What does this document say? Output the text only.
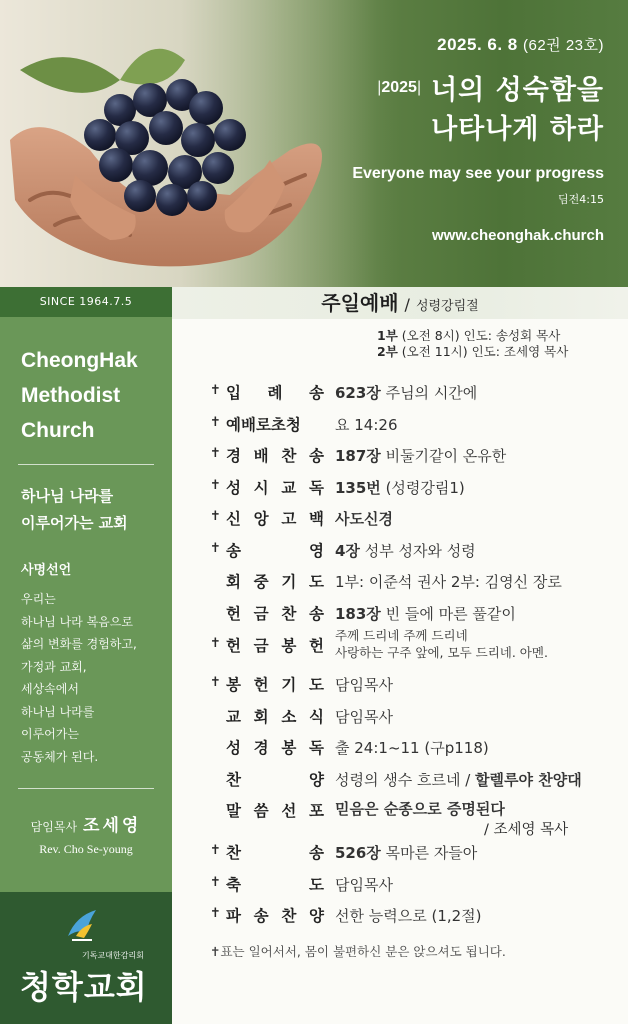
2025. 6. 8 (62권 23호)
|2025| 너의 성숙함을
나타나게 하라
Everyone may see your progress
딤전4:15
www.cheonghak.church
SINCE 1964.7.5
CheongHak
Methodist
Church
하나님 나라를
이루어가는 교회
사명선언
우리는
하나님 나라 복음으로
삶의 변화를 경험하고,
가정과 교회,
세상속에서
하나님 나라를
이루어가는
공동체가 된다.
담임목사 조세영
Rev. Cho Se-young
기독교대한감리회
청학교회
주일예배 / 성령강림절
1부 (오전 8시) 인도: 송성회 목사
2부 (오전 11시) 인도: 조세영 목사
✝ 입 례 송 623장 주님의 시간에
✝ 예배로초청	요 14:26
✝ 경 배 찬 송 187장 비둘기같이 온유한
✝ 성 시 교 독 135번 (성령강림1)
✝ 신 앙 고 백 사도신경
✝ 송 영 4장 성부 성자와 성령
회 중 기 도 1부: 이준석 권사 2부: 김영신 장로
헌 금 찬 송 183장 빈 들에 마른 풀같이
✝ 헌 금 봉 헌
주께 드리네 주께 드리네
사랑하는 구주 앞에, 모두 드리네. 아멘.
✝ 봉 헌 기 도 담임목사
교 회 소 식 담임목사
성 경 봉 독 출 24:1~11 (구p118)
찬 양 성령의 생수 흐르네 / 할렐루야 찬양대
말 씀 선 포 믿음은 순종으로 증명된다
/ 조세영 목사
✝ 찬 송 526장 목마른 자들아
✝ 축 도 담임목사
✝ 파 송 찬 양 선한 능력으로 (1,2절)
✝표는 일어서서, 몸이 불편하신 분은 앉으셔도 됩니다.
